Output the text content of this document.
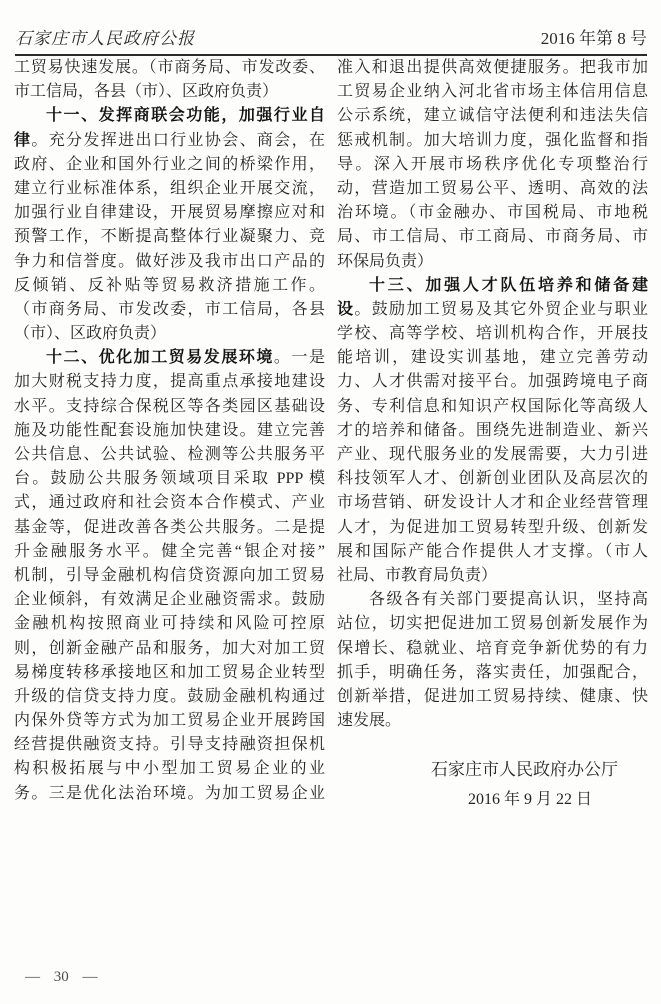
石家庄市人民政府公报	2016 年第 8 号
工贸易快速发展。（市商务局、市发改委、
市工信局，各县（市）、区政府负责）
十一、发挥商联会功能，加强行业自
律。充分发挥进出口行业协会、商会，在
政府、企业和国外行业之间的桥梁作用，
建立行业标准体系，组织企业开展交流，
加强行业自律建设，开展贸易摩擦应对和
预警工作，不断提高整体行业凝聚力、竞
争力和信誉度。做好涉及我市出口产品的
反倾销、反补贴等贸易救济措施工作。
（市商务局、市发改委，市工信局，各县
（市）、区政府负责）
十二、优化加工贸易发展环境。一是
加大财税支持力度，提高重点承接地建设
水平。支持综合保税区等各类园区基础设
施及功能性配套设施加快建设。建立完善
公共信息、公共试验、检测等公共服务平
台。鼓励公共服务领域项目采取 PPP 模
式，通过政府和社会资本合作模式、产业
基金等，促进改善各类公共服务。二是提
升金融服务水平。健全完善“银企对接”
机制，引导金融机构信贷资源向加工贸易
企业倾斜，有效满足企业融资需求。鼓励
金融机构按照商业可持续和风险可控原
则，创新金融产品和服务，加大对加工贸
易梯度转移承接地区和加工贸易企业转型
升级的信贷支持力度。鼓励金融机构通过
内保外贷等方式为加工贸易企业开展跨国
经营提供融资支持。引导支持融资担保机
构积极拓展与中小型加工贸易企业的业
务。三是优化法治环境。为加工贸易企业
准入和退出提供高效便捷服务。把我市加
工贸易企业纳入河北省市场主体信用信息
公示系统，建立诚信守法便利和违法失信
惩戒机制。加大培训力度，强化监督和指
导。深入开展市场秩序优化专项整治行
动，营造加工贸易公平、透明、高效的法
治环境。（市金融办、市国税局、市地税
局、市工信局、市工商局、市商务局、市
环保局负责）
十三、加强人才队伍培养和储备建
设。鼓励加工贸易及其它外贸企业与职业
学校、高等学校、培训机构合作，开展技
能培训，建设实训基地，建立完善劳动
力、人才供需对接平台。加强跨境电子商
务、专利信息和知识产权国际化等高级人
才的培养和储备。围绕先进制造业、新兴
产业、现代服务业的发展需要，大力引进
科技领军人才、创新创业团队及高层次的
市场营销、研发设计人才和企业经营管理
人才，为促进加工贸易转型升级、创新发
展和国际产能合作提供人才支撑。（市人
社局、市教育局负责）
各级各有关部门要提高认识，坚持高
站位，切实把促进加工贸易创新发展作为
保增长、稳就业、培育竞争新优势的有力
抓手，明确任务，落实责任，加强配合，
创新举措，促进加工贸易持续、健康、快
速发展。
石家庄市人民政府办公厅
2016 年 9 月 22 日
— 30 —
